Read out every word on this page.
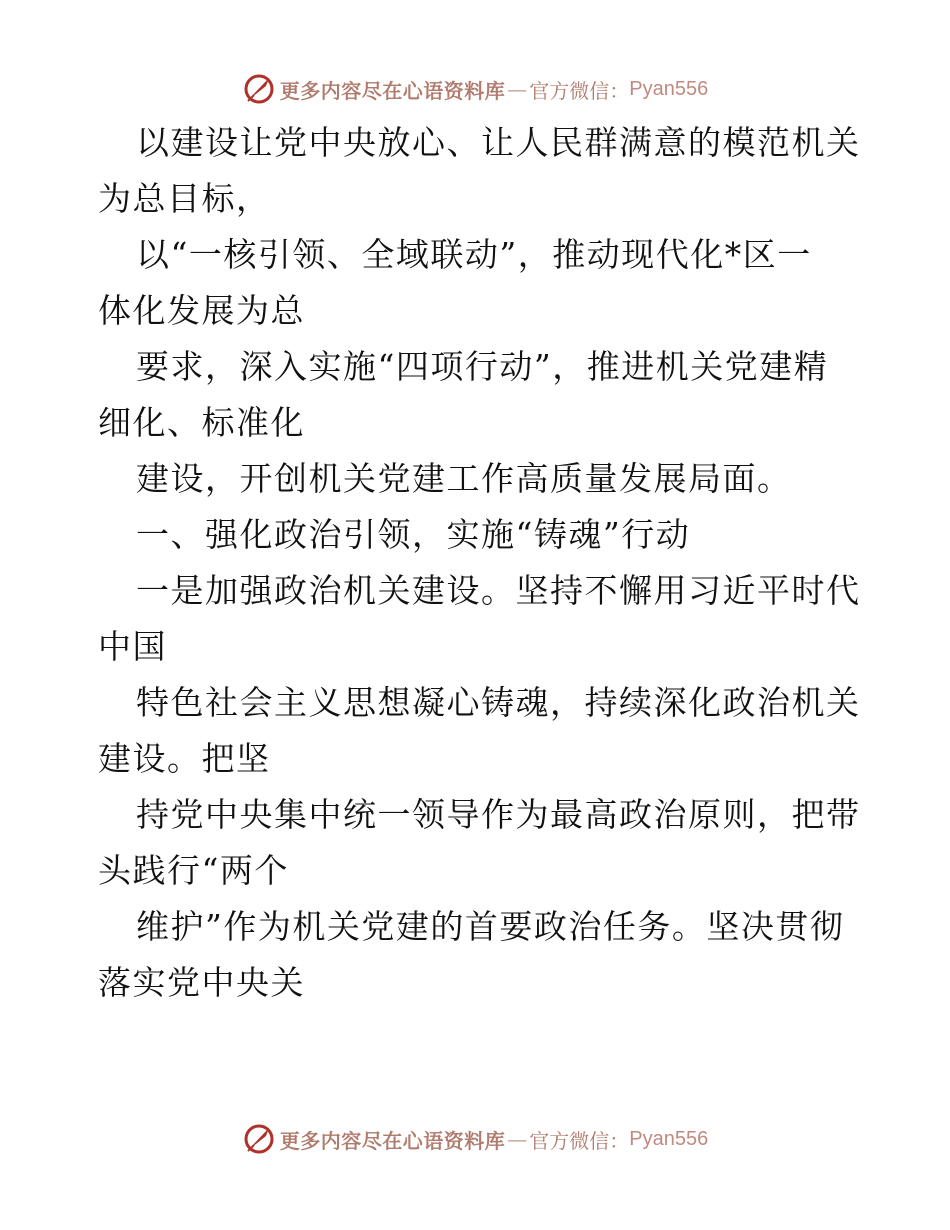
更多内容尽在心语资料库 — 官方微信： Pyan556
以建设让党中央放心、让人民群满意的模范机关
为总目标，
以“一核引领、全域联动”，推动现代化*区一
体化发展为总
要求，深入实施“四项行动”，推进机关党建精
细化、标准化
建设，开创机关党建工作高质量发展局面。
一、强化政治引领，实施“铸魂”行动
一是加强政治机关建设。坚持不懈用习近平时代
中国
特色社会主义思想凝心铸魂，持续深化政治机关
建设。把坚
持党中央集中统一领导作为最高政治原则，把带
头践行“两个
维护”作为机关党建的首要政治任务。坚决贯彻
落实党中央关
更多内容尽在心语资料库 — 官方微信： Pyan556
